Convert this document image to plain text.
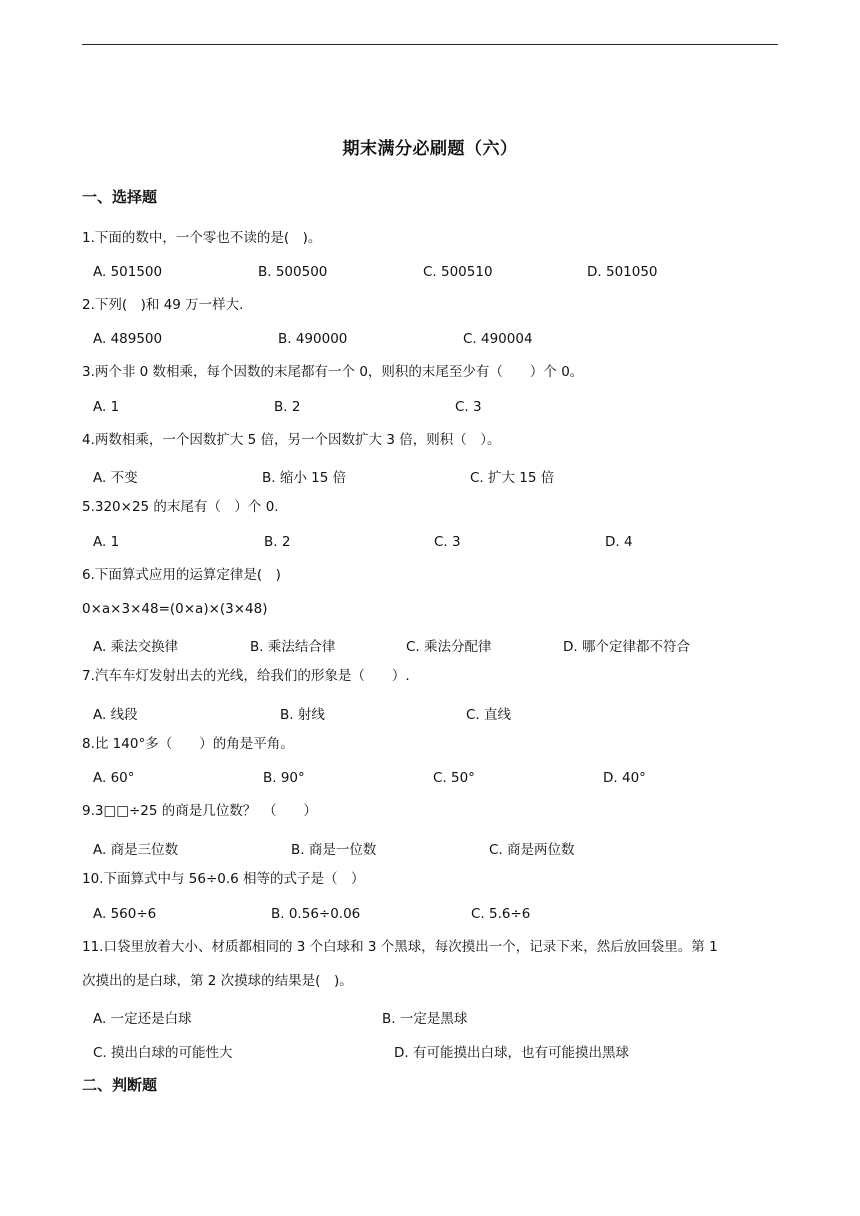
期末满分必刷题（六）
一、选择题
1.下面的数中，一个零也不读的是(　)。
A. 501500	B. 500500	C. 500510	D. 501050
2.下列(　)和 49 万一样大.
A. 489500	B. 490000	C. 490004
3.两个非 0 数相乘，每个因数的末尾都有一个 0，则积的末尾至少有（　　）个 0。
A. 1	B. 2	C. 3
4.两数相乘，一个因数扩大 5 倍，另一个因数扩大 3 倍，则积（　）。
A. 不变	B. 缩小 15 倍	C. 扩大 15 倍
5.320×25 的末尾有（　）个 0.
A. 1	B. 2	C. 3	D. 4
6.下面算式应用的运算定律是(　)
0×a×3×48=(0×a)×(3×48)
A. 乘法交换律	B. 乘法结合律	C. 乘法分配律	D. 哪个定律都不符合
7.汽车车灯发射出去的光线，给我们的形象是（　　）.
A. 线段	B. 射线	C. 直线
8.比 140°多（　　）的角是平角。
A. 60°	B. 90°	C. 50°	D. 40°
9.3□□÷25 的商是几位数？　（　　）
A. 商是三位数	B. 商是一位数	C. 商是两位数
10.下面算式中与 56÷0.6 相等的式子是（　）
A. 560÷6	B. 0.56÷0.06	C. 5.6÷6
11.口袋里放着大小、材质都相同的 3 个白球和 3 个黑球，每次摸出一个，记录下来，然后放回袋里。第 1
次摸出的是白球，第 2 次摸球的结果是(　)。
A. 一定还是白球	B. 一定是黑球
C. 摸出白球的可能性大	D. 有可能摸出白球，也有可能摸出黑球
二、判断题
